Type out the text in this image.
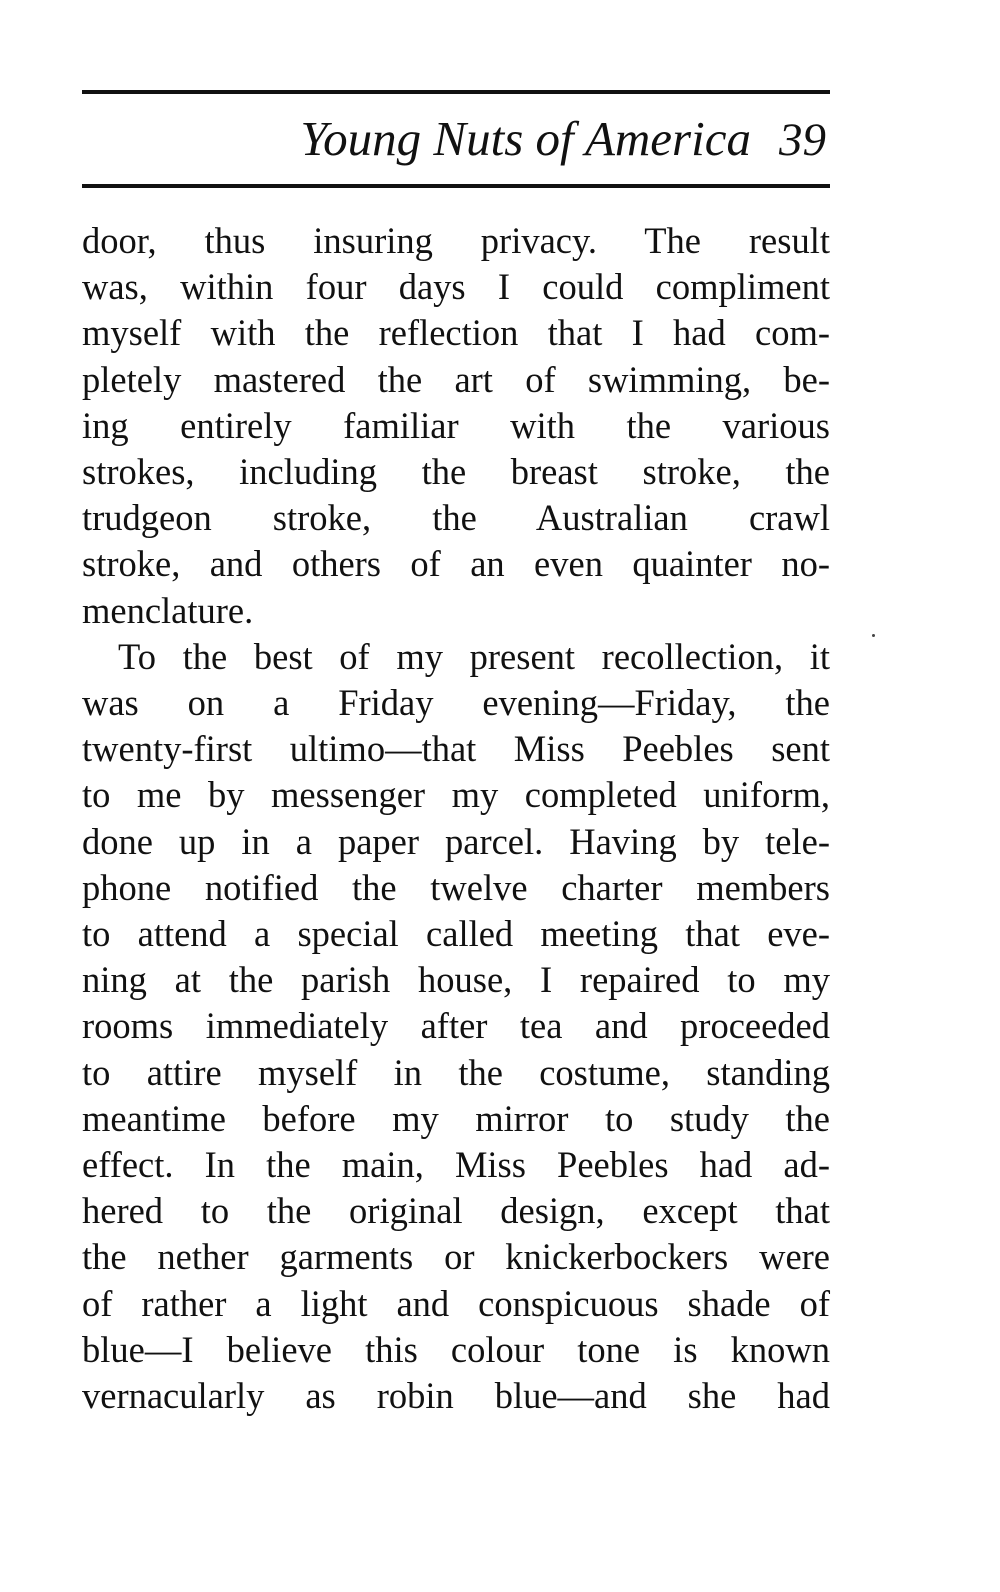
Young Nuts of America 39

door, thus insuring privacy. The result
was, within four days I could compliment
myself with the reflection that I had com-
pletely mastered the art of swimming, be-
ing entirely familiar with the various
strokes, including the breast stroke, the
trudgeon stroke, the Australian crawl
stroke, and others of an even quainter no-
menclature.

To the best of my present recollection, it
was on a Friday evening—Friday, the
twenty-first ultimo—that Miss Peebles sent
to me by messenger my completed uniform,
done up in a paper parcel. Having by tele-
phone notified the twelve charter members
to attend a special called meeting that eve-
ning at the parish house, I repaired to my
rooms immediately after tea and proceeded
to attire myself in the costume, standing
meantime before my mirror to study the
effect. In the main, Miss Peebles had ad-
hered to the original design, except that
the nether garments or knickerbockers were
of rather a light and conspicuous shade of
blue—I believe this colour tone is known
vernacularly as robin blue—and she had
